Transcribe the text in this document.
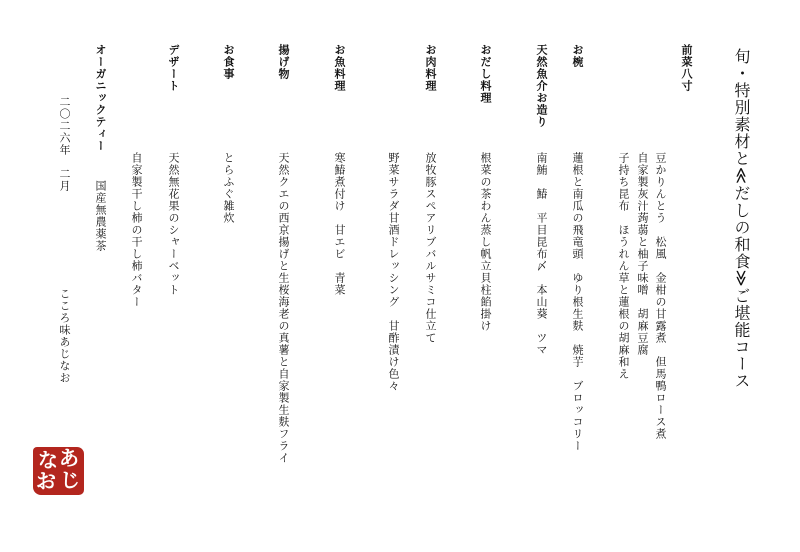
旬・特別素材と≪だしの和食≫ご堪能コース
前菜八寸
豆かりんとう　松風　金柑の甘露煮　但馬鴨ロース煮
自家製灰汁蒟蒻と柚子味噌　胡麻豆腐
子持ち昆布　ほうれん草と蓮根の胡麻和え
お椀
蓮根と南瓜の飛竜頭　ゆり根生麩　焼芋　ブロッコリー
天然魚介お造り
南鮪　鰆　平目昆布〆　本山葵　ツマ
おだし料理
根菜の茶わん蒸し帆立貝柱餡掛け
お肉料理
放牧豚スペアリブバルサミコ仕立て
野菜サラダ甘酒ドレッシング　甘酢漬け色々
お魚料理
寒鰆煮付け　甘エビ　青菜
揚げ物
天然クエの西京揚げと生桜海老の真薯と自家製生麩フライ
お食事
とらふぐ雑炊
デザート
天然無花果のシャーベット
自家製干し柿の干し柿バター
オーガニックティー
国産無農薬茶
二〇二六年　二月
こころ味あじなお
お
な あ
じ
